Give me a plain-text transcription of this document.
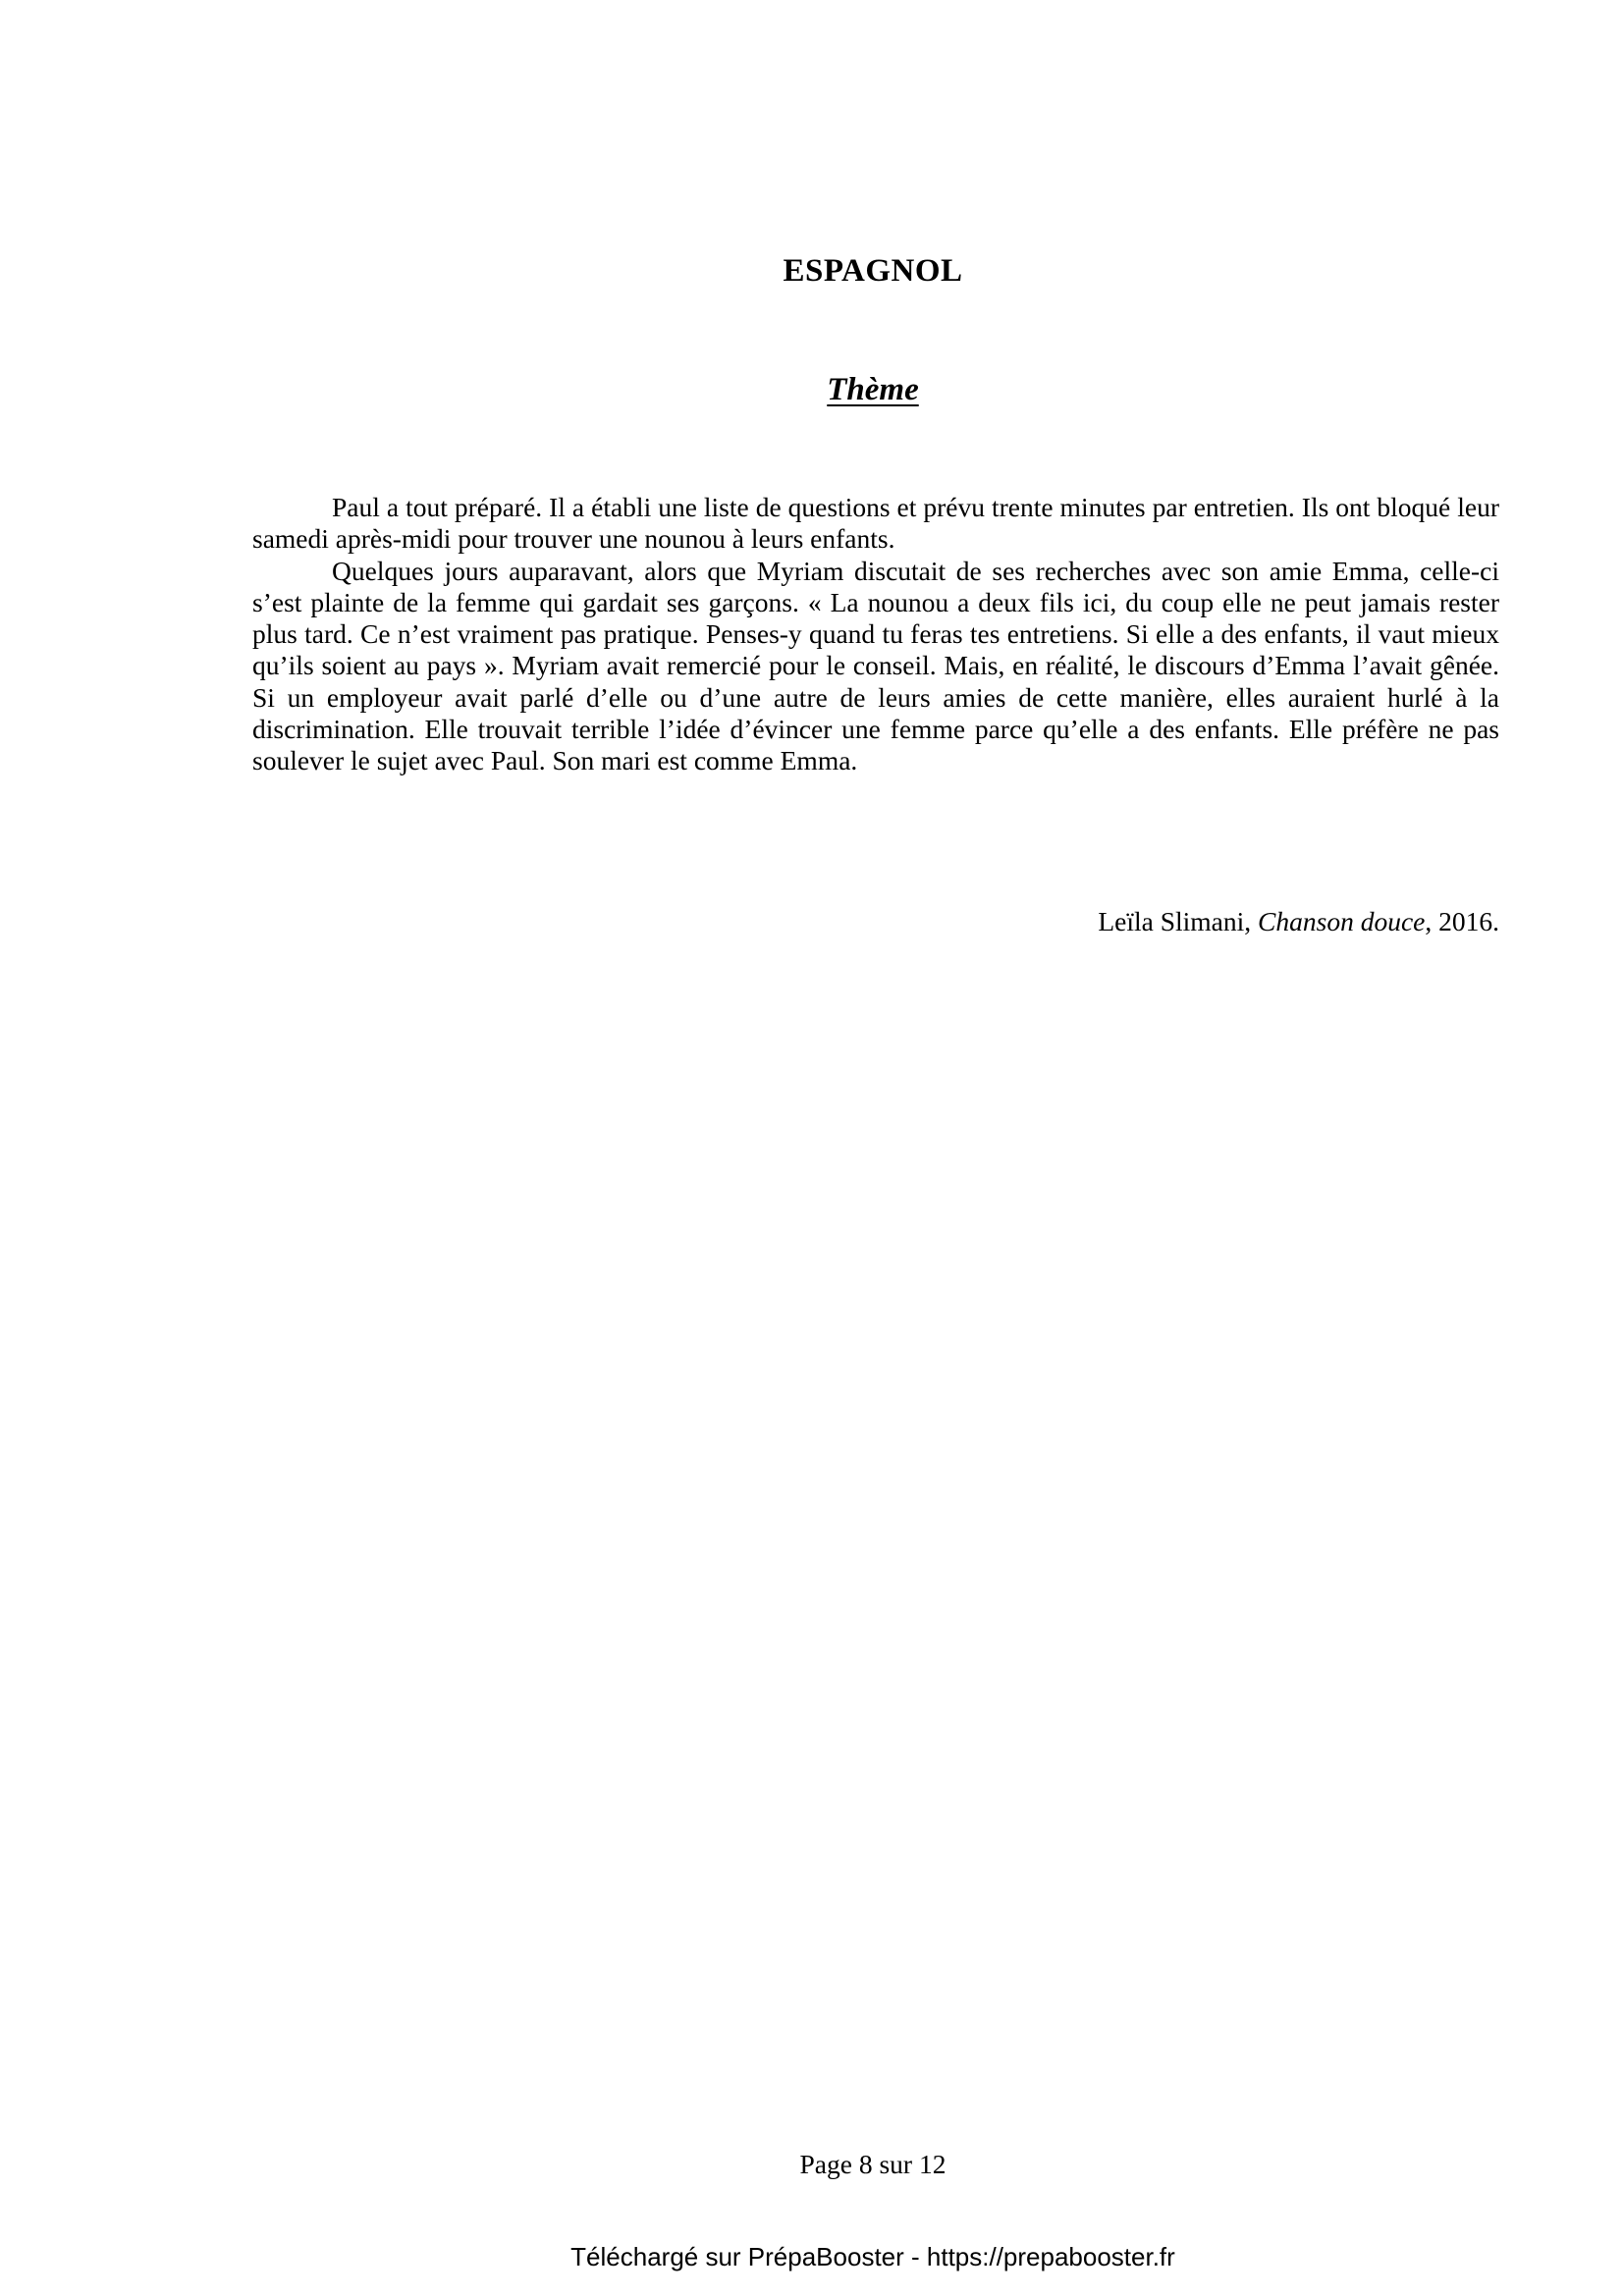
ESPAGNOL
Thème

Paul a tout préparé. Il a établi une liste de questions et prévu trente minutes par entretien. Ils ont bloqué leur samedi après-midi pour trouver une nounou à leurs enfants.

Quelques jours auparavant, alors que Myriam discutait de ses recherches avec son amie Emma, celle-ci s’est plainte de la femme qui gardait ses garçons. « La nounou a deux fils ici, du coup elle ne peut jamais rester plus tard. Ce n’est vraiment pas pratique. Penses-y quand tu feras tes entretiens. Si elle a des enfants, il vaut mieux qu’ils soient au pays ». Myriam avait remercié pour le conseil. Mais, en réalité, le discours d’Emma l’avait gênée. Si un employeur avait parlé d’elle ou d’une autre de leurs amies de cette manière, elles auraient hurlé à la discrimination. Elle trouvait terrible l’idée d’évincer une femme parce qu’elle a des enfants. Elle préfère ne pas soulever le sujet avec Paul. Son mari est comme Emma.

Leïla Slimani, Chanson douce, 2016.

Page 8 sur 12

Téléchargé sur PrépaBooster - https://prepabooster.fr
